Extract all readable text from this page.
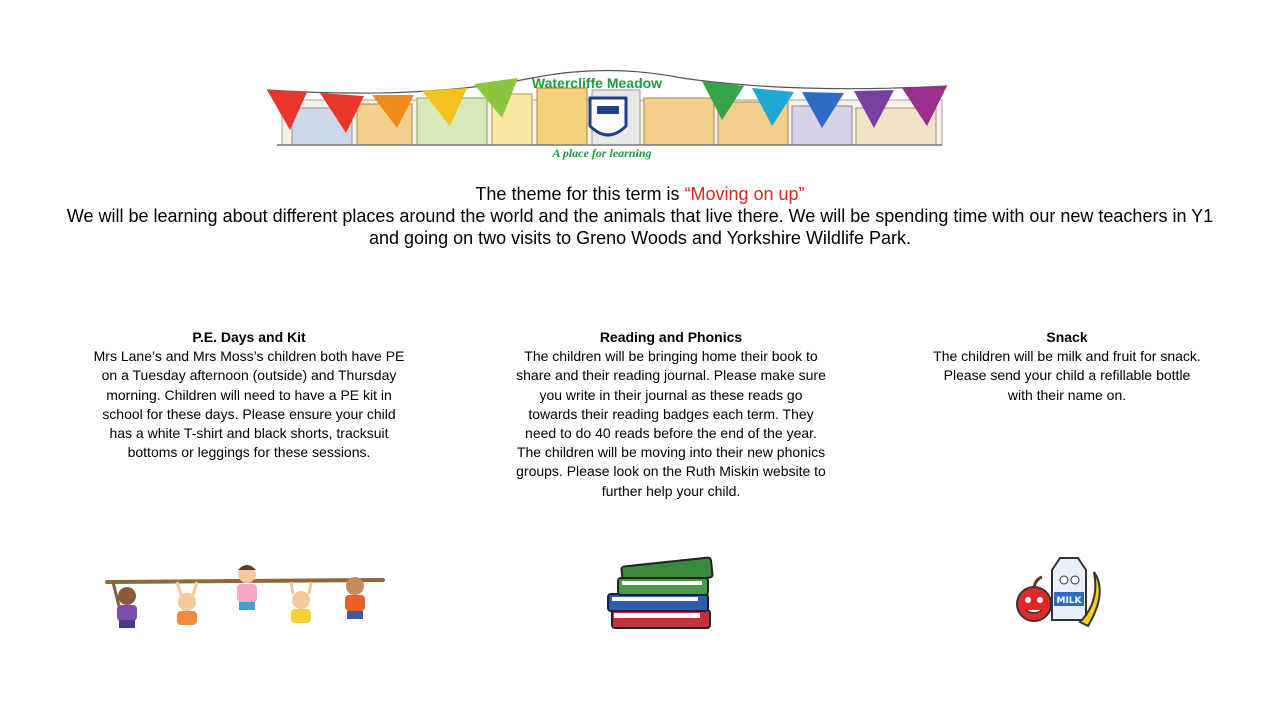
Watercliffe Meadow
A place for learning
The theme for this term is “Moving on up”
We will be learning about different places around the world and the animals that live there. We will be spending time with our new teachers in Y1 and going on two visits to Greno Woods and Yorkshire Wildlife Park.
P.E. Days and Kit
Mrs Lane’s and Mrs Moss’s children both have PE
on a Tuesday afternoon (outside) and Thursday
morning. Children will need to have a PE kit in
school for these days. Please ensure your child
has a white T-shirt and black shorts, tracksuit
bottoms or leggings for these sessions.
Reading and Phonics
The children will be bringing home their book to
share and their reading journal. Please make sure
you write in their journal as these reads go
towards their reading badges each term. They
need to do 40 reads before the end of the year.
The children will be moving into their new phonics
groups. Please look on the Ruth Miskin website to
further help your child.
Snack
The children will be milk and fruit for snack.
Please send your child a refillable bottle
with their name on.
MILK
